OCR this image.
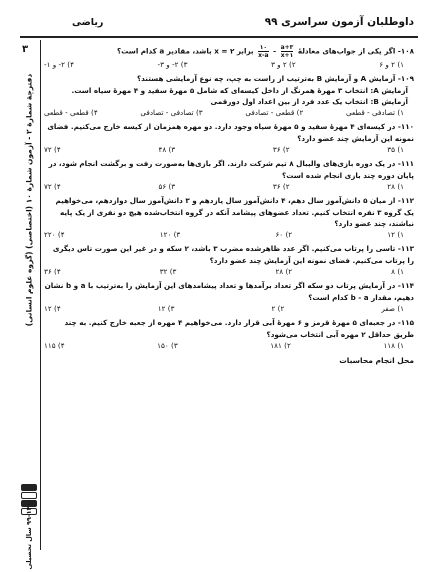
داوطلبان آزمون سراسری ۹۹
ریاضی
۳
دفترچهٔ شمارهٔ ۲ - آزمون شمارهٔ ۱۰ (اختصاصی) (گروه علوم انسانی)
۹۹-۱۴۰۰ سال تحصیلی

۱۰۸- اگر یکی از جواب‌های معادلهٔ
$\frac{a+۳}{x+۱}$
-
$\frac{۱۰}{x-a}$
برابر ۲ = x باشد، مقادیر a کدام است؟

۱) ۲ و ۶
۲) ۲ و ۳
۳) ۲- و ۳-
۴) ۲- و ۱-

۱۰۹- آزمایش A و آزمایش B به‌ترتیب از راست به چپ، چه نوع آزمایشی هستند؟

آزمایش A: انتخاب ۳ مهرهٔ همرنگ از داخل کیسه‌ای که شامل ۵ مهرهٔ سفید و ۴ مهرهٔ سیاه است.

آزمایش B: انتخاب یک عدد فرد از بین اعداد اول دورقمی

۱) تصادفی - قطعی
۲) قطعی - تصادفی
۳) تصادفی - تصادفی
۴) قطعی - قطعی

۱۱۰- در کیسه‌ای ۴ مهرهٔ سفید و ۵ مهرهٔ سیاه وجود دارد. دو مهره همزمان از کیسه خارج می‌کنیم. فضای نمونه این آزمایش چند عضو دارد؟

۱) ۳۵
۲) ۳۶
۳) ۴۸
۴) ۷۲

۱۱۱- در یک دوره بازی‌های والیبال ۸ تیم شرکت دارند. اگر بازی‌ها به‌صورت رفت و برگشت انجام شود، در پایان دوره چند بازی انجام شده است؟

۱) ۲۸
۲) ۳۶
۳) ۵۶
۴) ۷۲

۱۱۲- از میان ۵ دانش‌آموز سال دهم، ۴ دانش‌آموز سال یازدهم و ۳ دانش‌آموز سال دوازدهم، می‌خواهیم یک گروه ۳ نفره انتخاب کنیم. تعداد عضوهای پیشامد آنکه در گروه انتخاب‌شده هیچ دو نفری از یک پایه نباشند، چند عضو دارد؟

۱) ۱۲
۲) ۶۰
۳) ۱۲۰
۴) ۲۲۰

۱۱۳- تاسی را پرتاب می‌کنیم. اگر عدد ظاهرشده مضرب ۳ باشد، ۲ سکه و در غیر این صورت تاس دیگری را پرتاب می‌کنیم. فضای نمونه این آزمایش چند عضو دارد؟

۱) ۸
۲) ۲۸
۳) ۳۲
۴) ۳۶

۱۱۴- در آزمایش پرتاب دو سکه اگر تعداد برآمدها و تعداد پیشامدهای این آزمایش را به‌ترتیب با a و b نشان دهیم، مقدار b - a کدام است؟

۱) صفر
۲) ۲
۳) ۱۲
۴) ۱۲

۱۱۵- در جعبه‌ای ۵ مهرهٔ قرمز و ۶ مهرهٔ آبی قرار دارد. می‌خواهیم ۴ مهره از جعبه خارج کنیم. به چند طریق حداقل ۲ مهره آبی انتخاب می‌شود؟

۱) ۱۱۸
۲) ۱۸۱
۳) ۱۵۰
۴) ۱۱۵

محل انجام محاسبات
